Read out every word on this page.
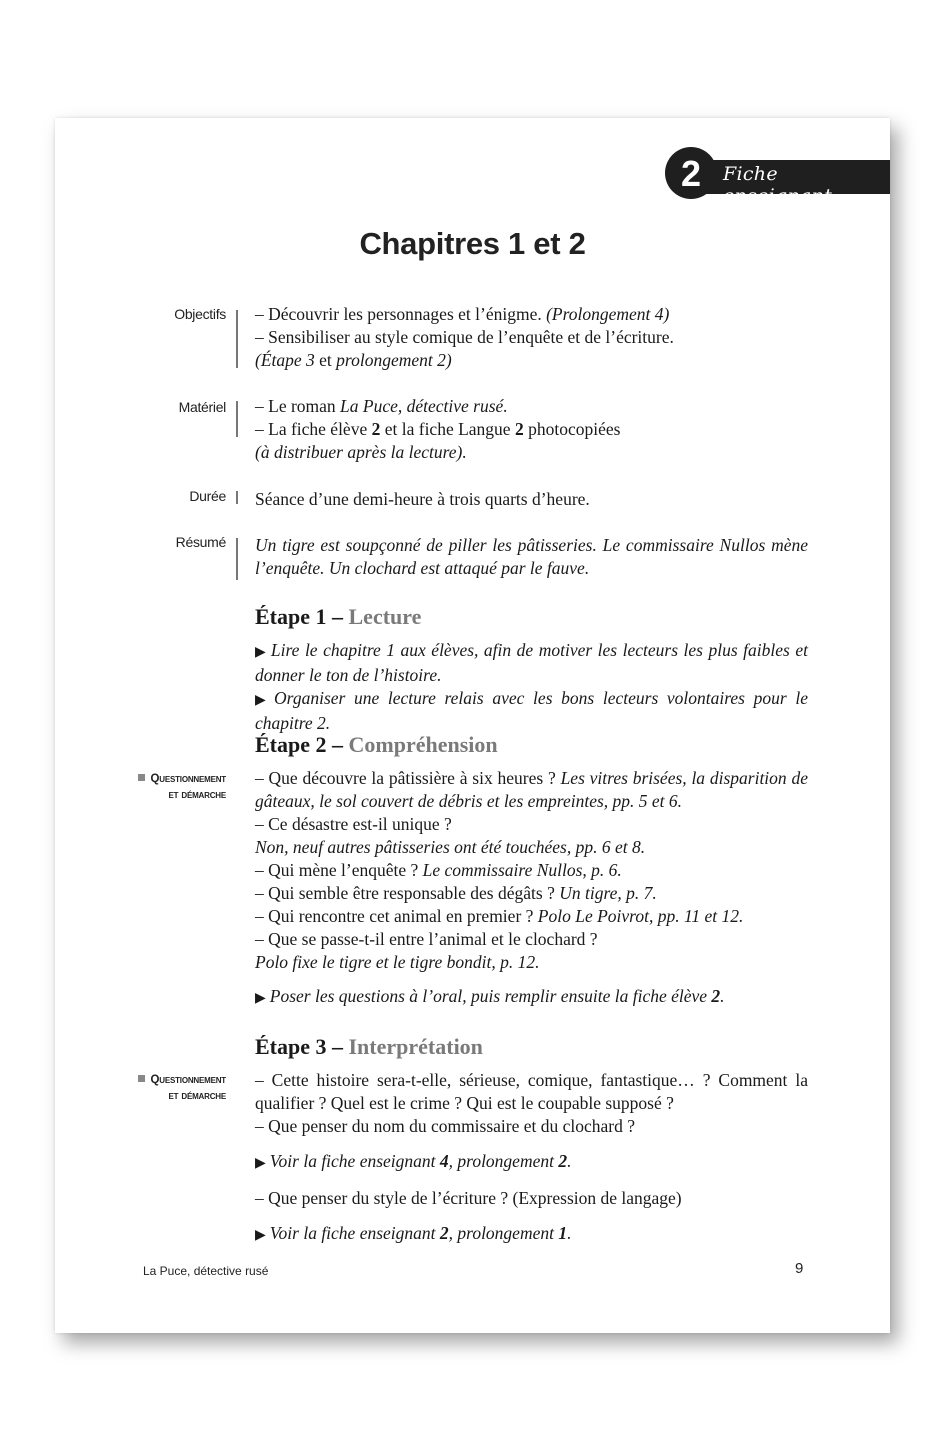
2	Fiche enseignant
Chapitres 1 et 2
Objectifs – Découvrir les personnages et l’énigme. (Prolongement 4)

– Sensibiliser au style comique de l’enquête et de l’écriture.

(Étape 3 et prolongement 2)

Matériel – Le roman La Puce, détective rusé.

– La fiche élève 2 et la fiche Langue 2 photocopiées

(à distribuer après la lecture).

Durée Séance d’une demi-heure à trois quarts d’heure.

Résumé Un tigre est soupçonné de piller les pâtisseries. Le commissaire Nullos mène l’enquête. Un clochard est attaqué par le fauve.

Étape 1 – Lecture

▶ Lire le chapitre 1 aux élèves, afin de motiver les lecteurs les plus faibles et donner le ton de l’histoire.

▶ Organiser une lecture relais avec les bons lecteurs volontaires pour le chapitre 2.

Étape 2 – Compréhension
Questionnement
et démarche

– Que découvre la pâtissière à six heures ? Les vitres brisées, la disparition de gâteaux, le sol couvert de débris et les empreintes, pp. 5 et 6.

– Ce désastre est-il unique ?

Non, neuf autres pâtisseries ont été touchées, pp. 6 et 8.

– Qui mène l’enquête ? Le commissaire Nullos, p. 6.

– Qui semble être responsable des dégâts ? Un tigre, p. 7.

– Qui rencontre cet animal en premier ? Polo Le Poivrot, pp. 11 et 12.

– Que se passe-t-il entre l’animal et le clochard ?

Polo fixe le tigre et le tigre bondit, p. 12.

▶ Poser les questions à l’oral, puis remplir ensuite la fiche élève 2.

Étape 3 – Interprétation
Questionnement
et démarche

– Cette histoire sera-t-elle, sérieuse, comique, fantastique… ? Comment la qualifier ? Quel est le crime ? Qui est le coupable supposé ?

– Que penser du nom du commissaire et du clochard ?

▶ Voir la fiche enseignant 4, prolongement 2.

– Que penser du style de l’écriture ? (Expression de langage)

▶ Voir la fiche enseignant 2, prolongement 1.

La Puce, détective rusé	9
